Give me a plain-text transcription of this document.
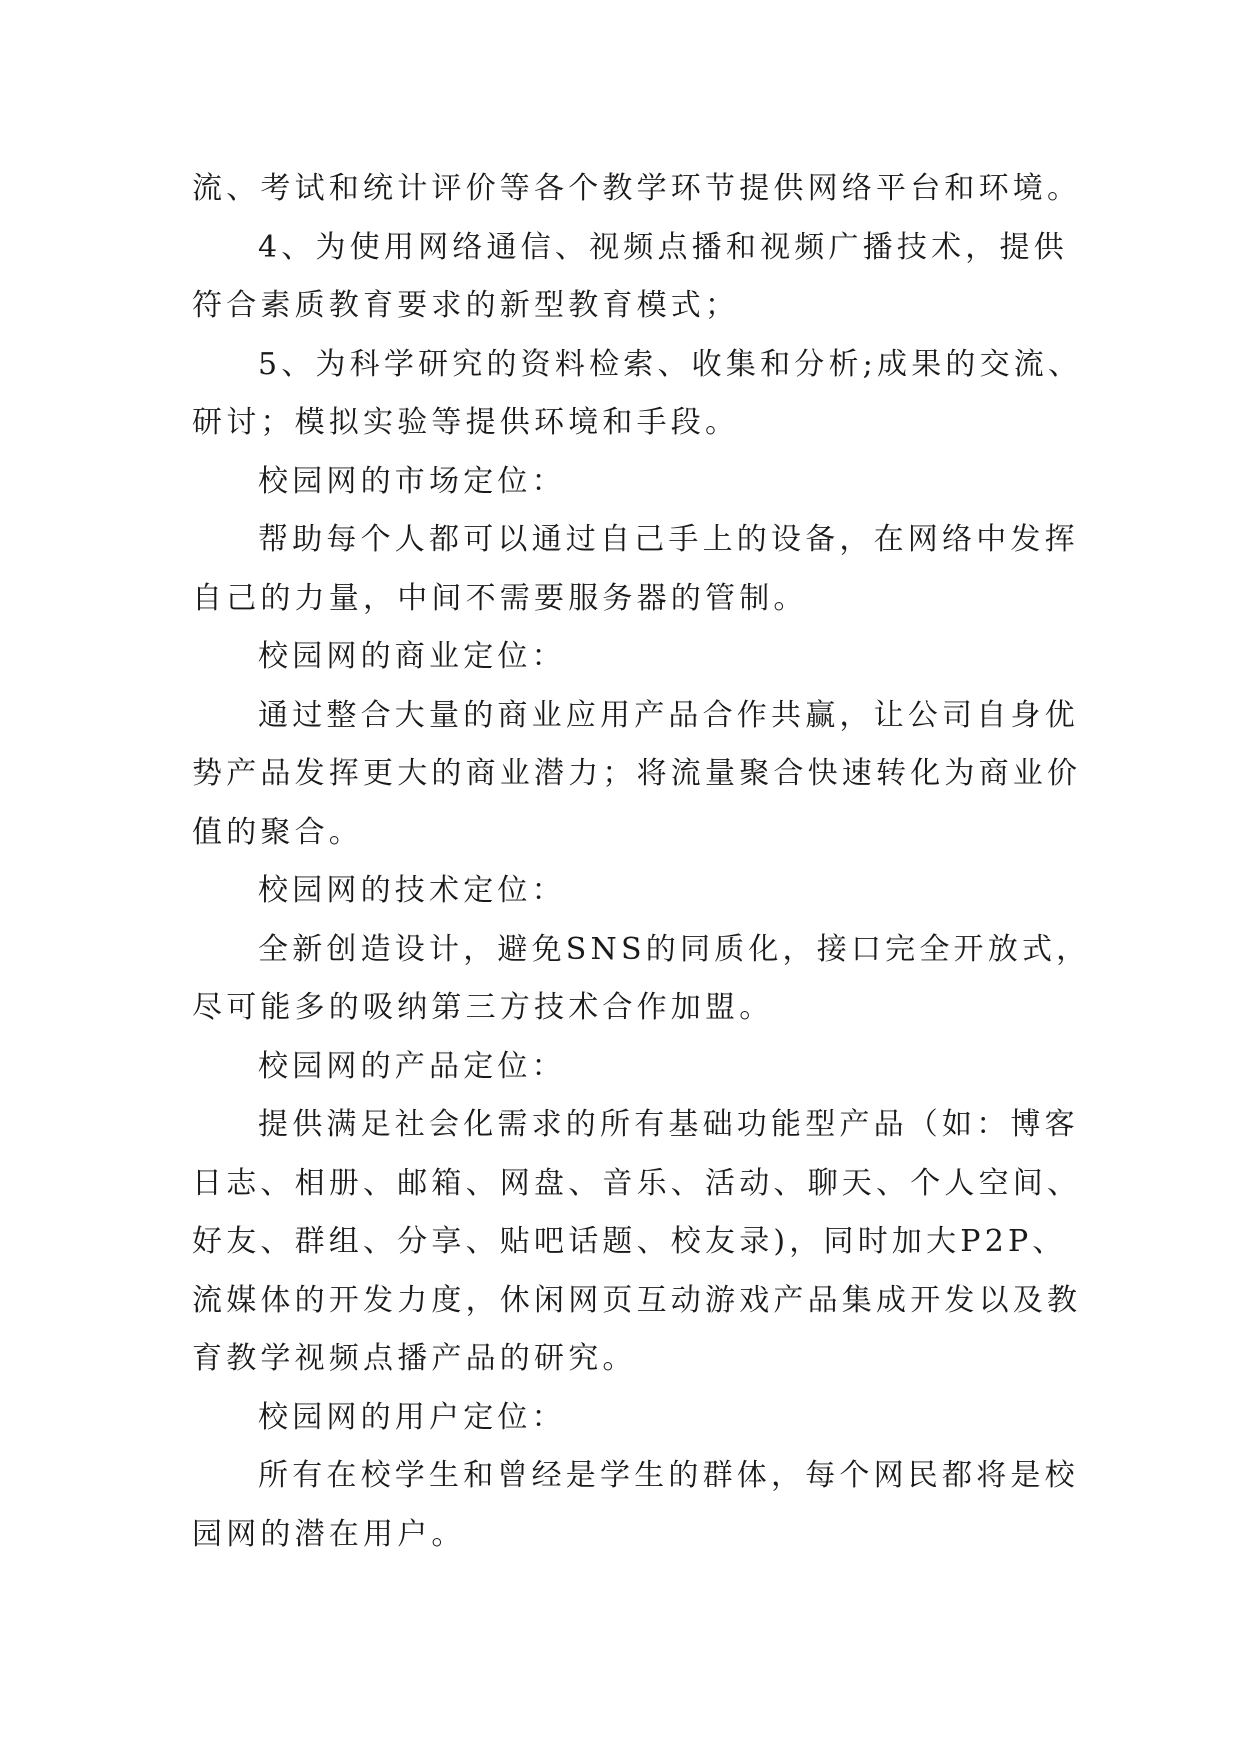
流、考试和统计评价等各个教学环节提供网络平台和环境。
4、为使用网络通信、视频点播和视频广播技术，提供
符合素质教育要求的新型教育模式；
5、为科学研究的资料检索、收集和分析;成果的交流、
研讨；模拟实验等提供环境和手段。
校园网的市场定位：
帮助每个人都可以通过自己手上的设备，在网络中发挥
自己的力量，中间不需要服务器的管制。
校园网的商业定位：
通过整合大量的商业应用产品合作共赢，让公司自身优
势产品发挥更大的商业潜力；将流量聚合快速转化为商业价
值的聚合。
校园网的技术定位：
全新创造设计，避免SNS的同质化，接口完全开放式，
尽可能多的吸纳第三方技术合作加盟。
校园网的产品定位：
提供满足社会化需求的所有基础功能型产品（如：博客
日志、相册、邮箱、网盘、音乐、活动、聊天、个人空间、
好友、群组、分享、贴吧话题、校友录)，同时加大P2P、
流媒体的开发力度，休闲网页互动游戏产品集成开发以及教
育教学视频点播产品的研究。
校园网的用户定位：
所有在校学生和曾经是学生的群体，每个网民都将是校
园网的潜在用户。
